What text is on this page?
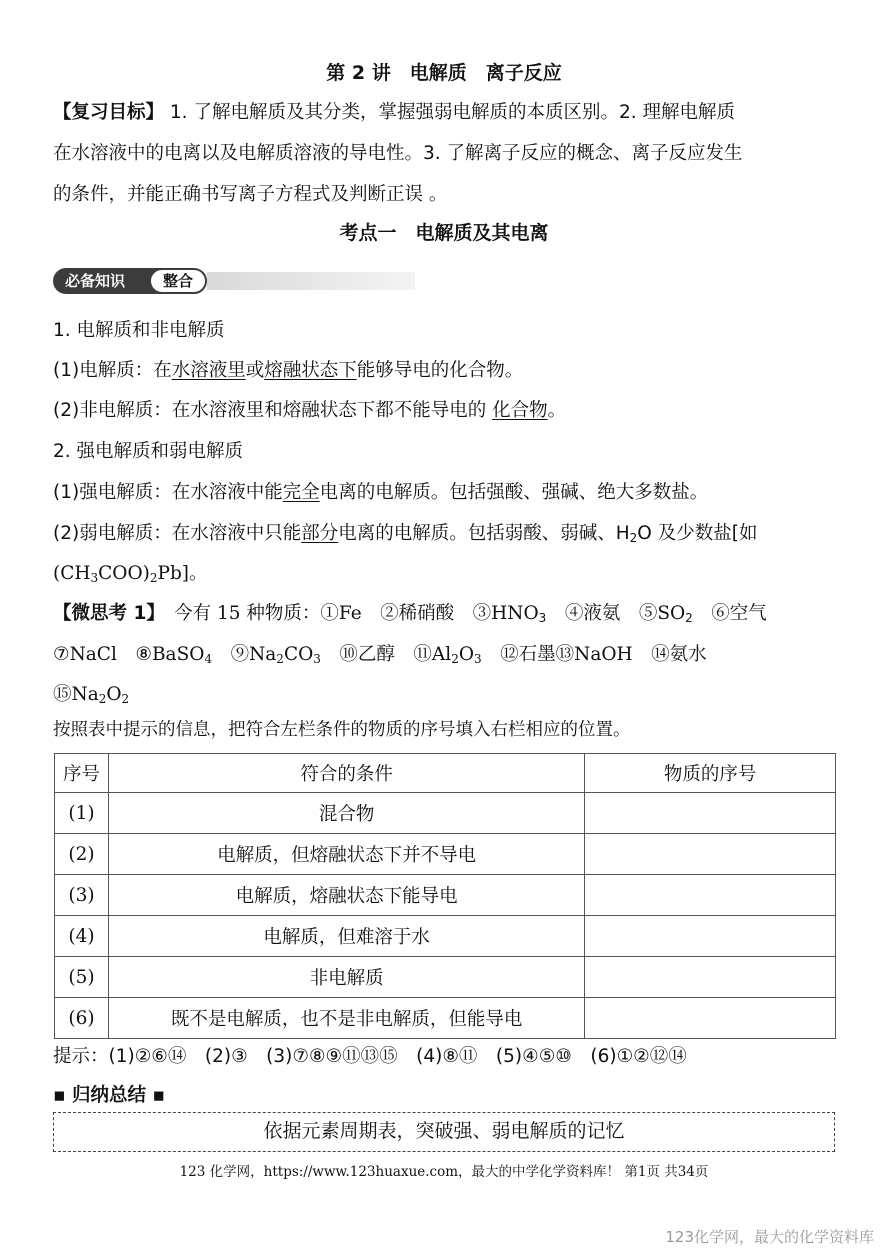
第 2 讲　电解质　离子反应
【复习目标】 1. 了解电解质及其分类，掌握强弱电解质的本质区别。2. 理解电解质
在水溶液中的电离以及电解质溶液的导电性。3. 了解离子反应的概念、离子反应发生
的条件，并能正确书写离子方程式及判断正误 。
考点一　电解质及其电离
必备知识	整合
1. 电解质和非电解质
(1)电解质：在水溶液里或熔融状态下能够导电的化合物。
(2)非电解质：在水溶液里和熔融状态下都不能导电的 化合物。
2. 强电解质和弱电解质
(1)强电解质：在水溶液中能完全电离的电解质。包括强酸、强碱、绝大多数盐。
(2)弱电解质：在水溶液中只能部分电离的电解质。包括弱酸、弱碱、$H_2O$ 及少数盐[如
$(CH_3COO)_2Pb$]。
【微思考 1】　 今有 15 种物质：①Fe　②稀硝酸　$③HNO_3$　④液氨　$⑤SO_2$　⑥空气
⑦NaCl　⑧BaSO$_4$　$⑨Na_2CO_3$　⑩乙醇　$⑪Al_2O_3$　⑫石墨⑬NaOH　⑭氨水
$⑮Na_2O_2$
按照表中提示的信息，把符合左栏条件的物质的序号填入右栏相应的位置。
序号	符合的条件	物质的序号
(1)	混合物	
(2)	电解质，但熔融状态下并不导电	
(3)	电解质，熔融状态下能导电	
(4)	电解质，但难溶于水	
(5)	非电解质	
(6)	既不是电解质，也不是非电解质，但能导电	
提示：(1)②⑥⑭　(2)③　(3)⑦⑧⑨⑪⑬⑮　(4)⑧⑪　(5)④⑤⑩　(6)①②⑫⑭
▪ 归纳总结 ▪
依据元素周期表，突破强、弱电解质的记忆
123 化学网，https://www.123huaxue.com，最大的中学化学资料库！ 第1页 共34页
123化学网，最大的化学资料库
